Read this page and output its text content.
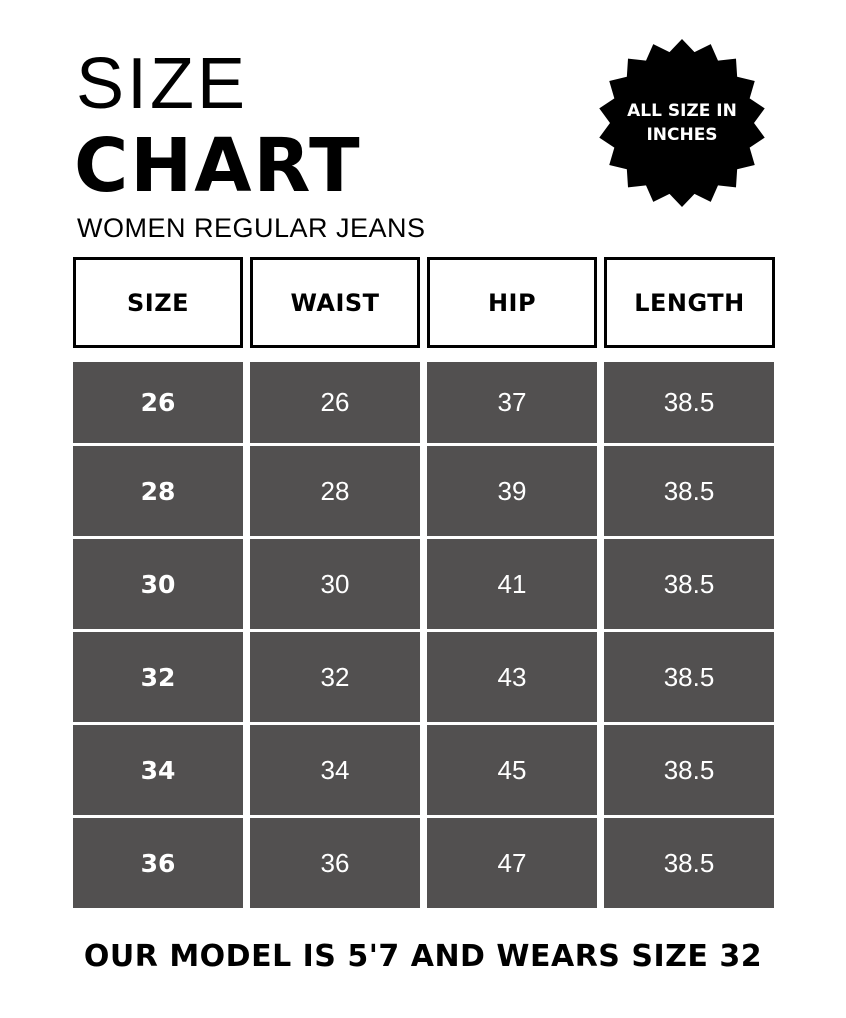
SIZE
CHART

WOMEN REGULAR JEANS

ALL SIZE IN
INCHES
SIZE	WAIST	HIP	LENGTH
26	26	37	38.5
28	28	39	38.5
30	30	41	38.5
32	32	43	38.5
34	34	45	38.5
36	36	47	38.5

OUR MODEL IS 5'7 AND WEARS SIZE 32
